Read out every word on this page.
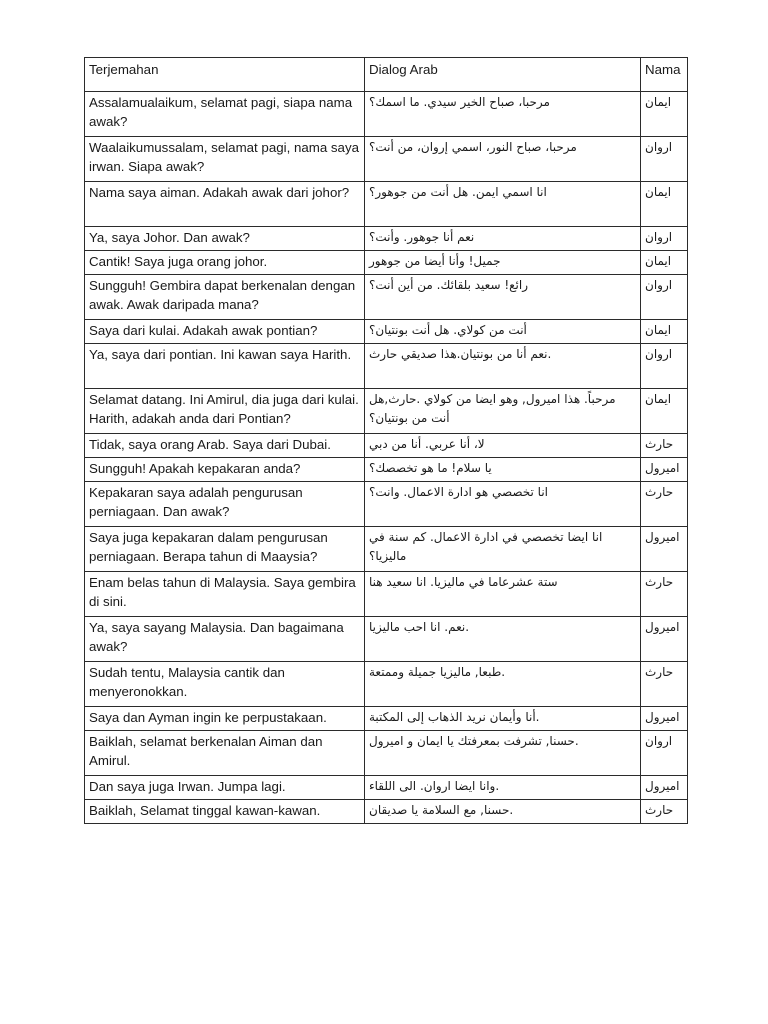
Terjemahan	Dialog Arab	Nama
Assalamualaikum, selamat pagi, siapa nama awak?	مرحبا، صباح الخير سيدي. ما اسمك؟	ايمان
Waalaikumussalam, selamat pagi, nama saya irwan. Siapa awak?	مرحبا، صباح النور، اسمي إروان، من أنت؟	اروان
Nama saya aiman. Adakah awak dari johor?	انا اسمي ايمن. هل أنت من جوهور؟	ايمان
Ya, saya Johor. Dan awak?	نعم أنا جوهور. وأنت؟	اروان
Cantik! Saya juga orang johor.	جميل! وأنا أيضا من جوهور	ايمان
Sungguh! Gembira dapat berkenalan dengan awak. Awak daripada mana?	رائع! سعيد بلقائك. من أين أنت؟	اروان
Saya dari kulai. Adakah awak pontian?	أنت من كولاي. هل أنت بونتيان؟	ايمان
Ya, saya dari pontian. Ini kawan saya Harith.	.نعم أنا من بونتيان.هذا صديقي حارث	اروان
Selamat datang. Ini Amirul, dia juga dari kulai. Harith, adakah anda dari Pontian?	مرحباً. هذا اميرول, وهو ايضا من كولاي .حارث,هل أنت من بونتيان؟	ايمان
Tidak, saya orang Arab. Saya dari Dubai.	لا، أنا عربي. أنا من دبي	حارث
Sungguh! Apakah kepakaran anda?	يا سلام! ما هو تخصصك؟	اميرول
Kepakaran saya adalah pengurusan perniagaan. Dan awak?	انا تخصصي هو ادارة الاعمال. وانت؟	حارث
Saya juga kepakaran dalam pengurusan perniagaan. Berapa tahun di Maaysia?	انا ايضا تخصصي في ادارة الاعمال. كم سنة في ماليزيا؟	اميرول
Enam belas tahun di Malaysia. Saya gembira di sini.	ستة عشرعاما في ماليزيا. انا سعيد هنا	حارث
Ya, saya sayang Malaysia. Dan bagaimana awak?	.نعم. انا احب ماليزيا	اميرول
Sudah tentu, Malaysia cantik dan menyeronokkan.	.طبعا, ماليزيا جميلة وممتعة	حارث
Saya dan Ayman ingin ke perpustakaan.	.أنا وأيمان نريد الذهاب إلى المكتبة	اميرول
Baiklah, selamat berkenalan Aiman dan Amirul.	.حسنا, تشرفت بمعرفتك يا ايمان و اميرول	اروان
Dan saya juga Irwan. Jumpa lagi.	.وانا ايضا اروان. الى اللقاء	اميرول
Baiklah, Selamat tinggal kawan-kawan.	.حسنا, مع السلامة يا صديقان	حارث
